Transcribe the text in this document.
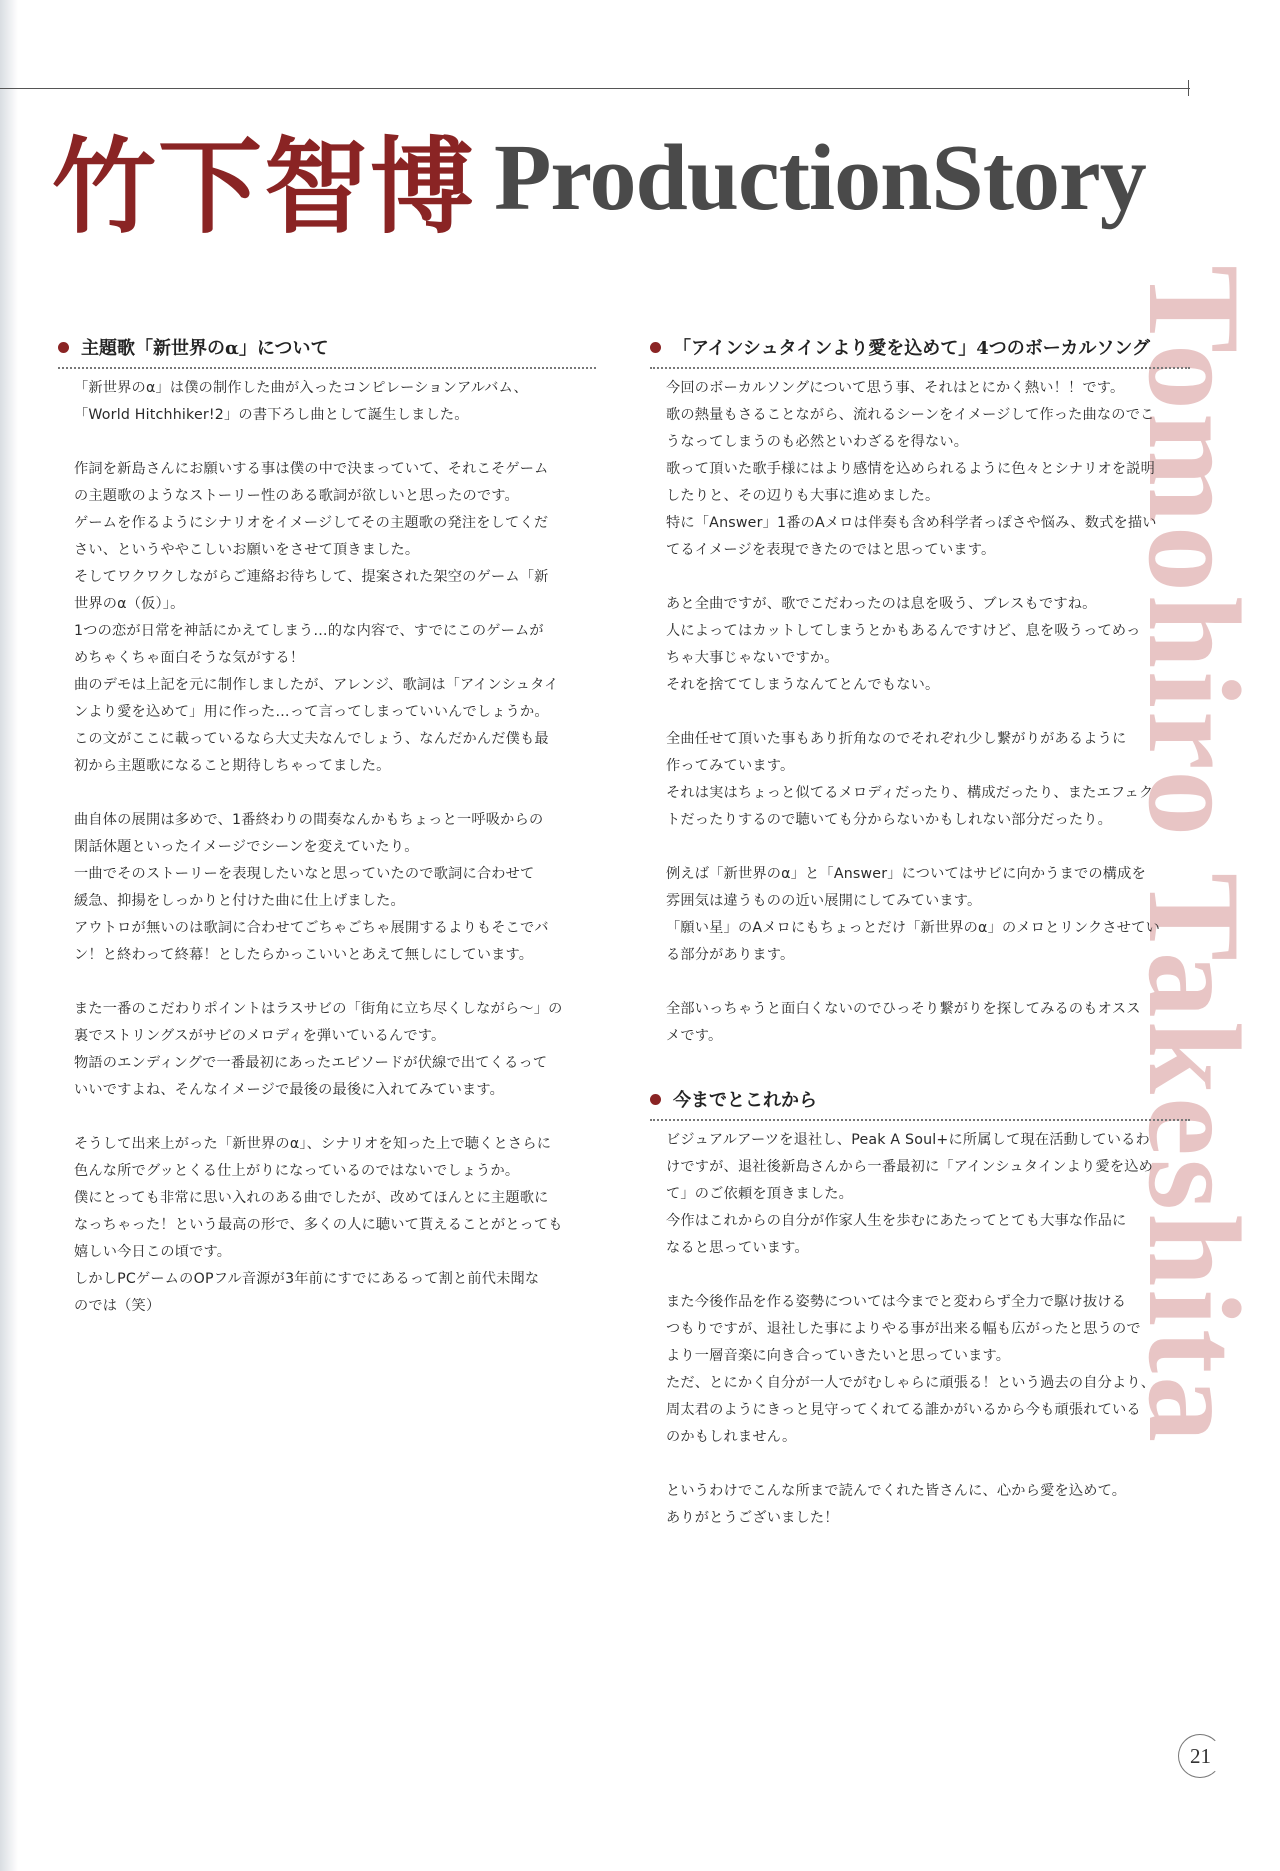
竹下智博 ProductionStory
Tomohiro Takeshita
主題歌「新世界のα」について

「新世界のα」は僕の制作した曲が入ったコンピレーションアルバム、
「World Hitchhiker!2」の書下ろし曲として誕生しました。

作詞を新島さんにお願いする事は僕の中で決まっていて、それこそゲーム
の主題歌のようなストーリー性のある歌詞が欲しいと思ったのです。
ゲームを作るようにシナリオをイメージしてその主題歌の発注をしてくだ
さい、というややこしいお願いをさせて頂きました。
そしてワクワクしながらご連絡お待ちして、提案された架空のゲーム「新
世界のα（仮）」。
1つの恋が日常を神話にかえてしまう…的な内容で、すでにこのゲームが
めちゃくちゃ面白そうな気がする！
曲のデモは上記を元に制作しましたが、アレンジ、歌詞は「アインシュタイ
ンより愛を込めて」用に作った…って言ってしまっていいんでしょうか。
この文がここに載っているなら大丈夫なんでしょう、なんだかんだ僕も最
初から主題歌になること期待しちゃってました。

曲自体の展開は多めで、1番終わりの間奏なんかもちょっと一呼吸からの
閑話休題といったイメージでシーンを変えていたり。
一曲でそのストーリーを表現したいなと思っていたので歌詞に合わせて
緩急、抑揚をしっかりと付けた曲に仕上げました。
アウトロが無いのは歌詞に合わせてごちゃごちゃ展開するよりもそこでバ
ン！と終わって終幕！としたらかっこいいとあえて無しにしています。

また一番のこだわりポイントはラスサビの「街角に立ち尽くしながら～」の
裏でストリングスがサビのメロディを弾いているんです。
物語のエンディングで一番最初にあったエピソードが伏線で出てくるって
いいですよね、そんなイメージで最後の最後に入れてみています。

そうして出来上がった「新世界のα」、シナリオを知った上で聴くとさらに
色んな所でグッとくる仕上がりになっているのではないでしょうか。
僕にとっても非常に思い入れのある曲でしたが、改めてほんとに主題歌に
なっちゃった！という最高の形で、多くの人に聴いて貰えることがとっても
嬉しい今日この頃です。
しかしPCゲームのOPフル音源が3年前にすでにあるって割と前代未聞な
のでは（笑）

「アインシュタインより愛を込めて」4つのボーカルソング

今回のボーカルソングについて思う事、それはとにかく熱い！！です。
歌の熱量もさることながら、流れるシーンをイメージして作った曲なのでこ
うなってしまうのも必然といわざるを得ない。
歌って頂いた歌手様にはより感情を込められるように色々とシナリオを説明
したりと、その辺りも大事に進めました。
特に「Answer」1番のAメロは伴奏も含め科学者っぽさや悩み、数式を描い
てるイメージを表現できたのではと思っています。

あと全曲ですが、歌でこだわったのは息を吸う、ブレスもですね。
人によってはカットしてしまうとかもあるんですけど、息を吸うってめっ
ちゃ大事じゃないですか。
それを捨ててしまうなんてとんでもない。

全曲任せて頂いた事もあり折角なのでそれぞれ少し繋がりがあるように
作ってみています。
それは実はちょっと似てるメロディだったり、構成だったり、またエフェク
トだったりするので聴いても分からないかもしれない部分だったり。

例えば「新世界のα」と「Answer」についてはサビに向かうまでの構成を
雰囲気は違うものの近い展開にしてみています。
「願い星」のAメロにもちょっとだけ「新世界のα」のメロとリンクさせてい
る部分があります。

全部いっちゃうと面白くないのでひっそり繋がりを探してみるのもオスス
メです。

今までとこれから

ビジュアルアーツを退社し、Peak A Soul+に所属して現在活動しているわ
けですが、退社後新島さんから一番最初に「アインシュタインより愛を込め
て」のご依頼を頂きました。
今作はこれからの自分が作家人生を歩むにあたってとても大事な作品に
なると思っています。

また今後作品を作る姿勢については今までと変わらず全力で駆け抜ける
つもりですが、退社した事によりやる事が出来る幅も広がったと思うので
より一層音楽に向き合っていきたいと思っています。
ただ、とにかく自分が一人でがむしゃらに頑張る！という過去の自分より、
周太君のようにきっと見守ってくれてる誰かがいるから今も頑張れている
のかもしれません。

というわけでこんな所まで読んでくれた皆さんに、心から愛を込めて。
ありがとうございました！

21
